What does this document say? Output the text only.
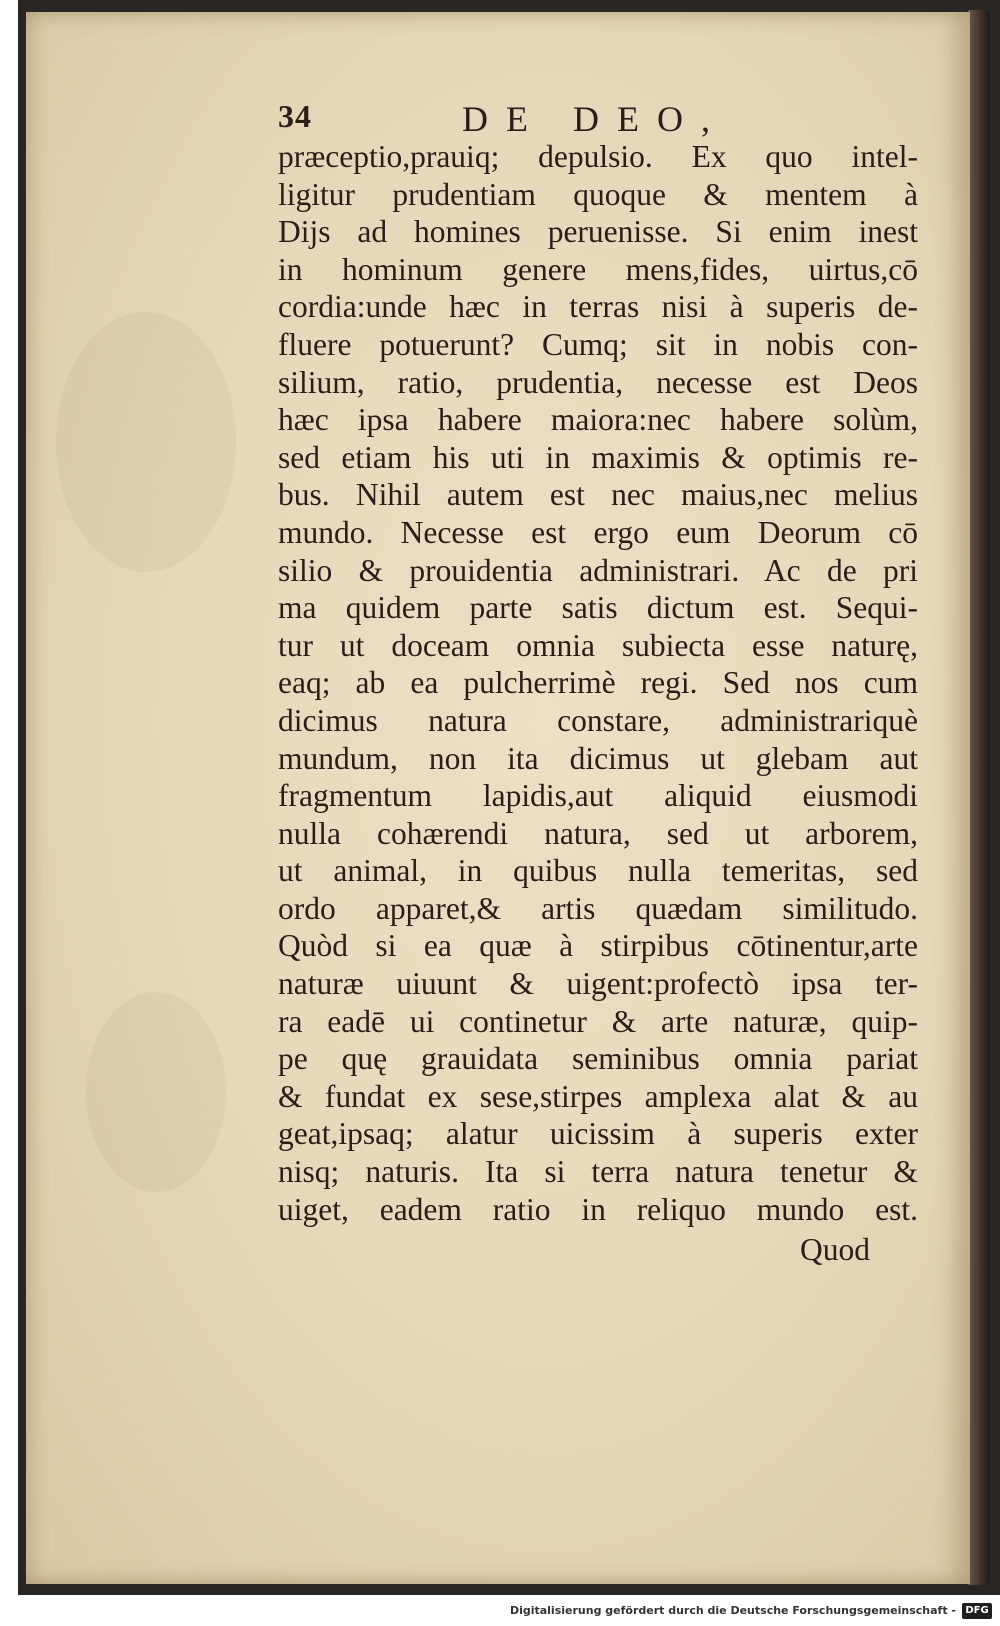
34	DE DEO,
præceptio,prauiq; depulsio. Ex quo intel-
ligitur prudentiam quoque & mentem à
Dijs ad homines peruenisse. Si enim inest
in hominum genere mens,fides, uirtus,cō
cordia:unde hæc in terras nisi à superis de-
fluere potuerunt? Cumq; sit in nobis con-
silium, ratio, prudentia, necesse est Deos
hæc ipsa habere maiora:nec habere solùm,
sed etiam his uti in maximis & optimis re-
bus. Nihil autem est nec maius,nec melius
mundo. Necesse est ergo eum Deorum cō
silio & prouidentia administrari. Ac de pri
ma quidem parte satis dictum est. Sequi-
tur ut doceam omnia subiecta esse naturę,
eaq; ab ea pulcherrimè regi. Sed nos cum
dicimus natura constare, administrariquè
mundum, non ita dicimus ut glebam aut
fragmentum lapidis,aut aliquid eiusmodi
nulla cohærendi natura, sed ut arborem,
ut animal, in quibus nulla temeritas, sed
ordo apparet,& artis quædam similitudo.
Quòd si ea quæ à stirpibus cōtinentur,arte
naturæ uiuunt & uigent:profectò ipsa ter-
ra eadē ui continetur & arte naturæ, quip-
pe quę grauidata seminibus omnia pariat
& fundat ex sese,stirpes amplexa alat & au
geat,ipsaq; alatur uicissim à superis exter
nisq; naturis. Ita si terra natura tenetur &
uiget, eadem ratio in reliquo mundo est.
Quod
Digitalisierung gefördert durch die Deutsche Forschungsgemeinschaft - DFG
